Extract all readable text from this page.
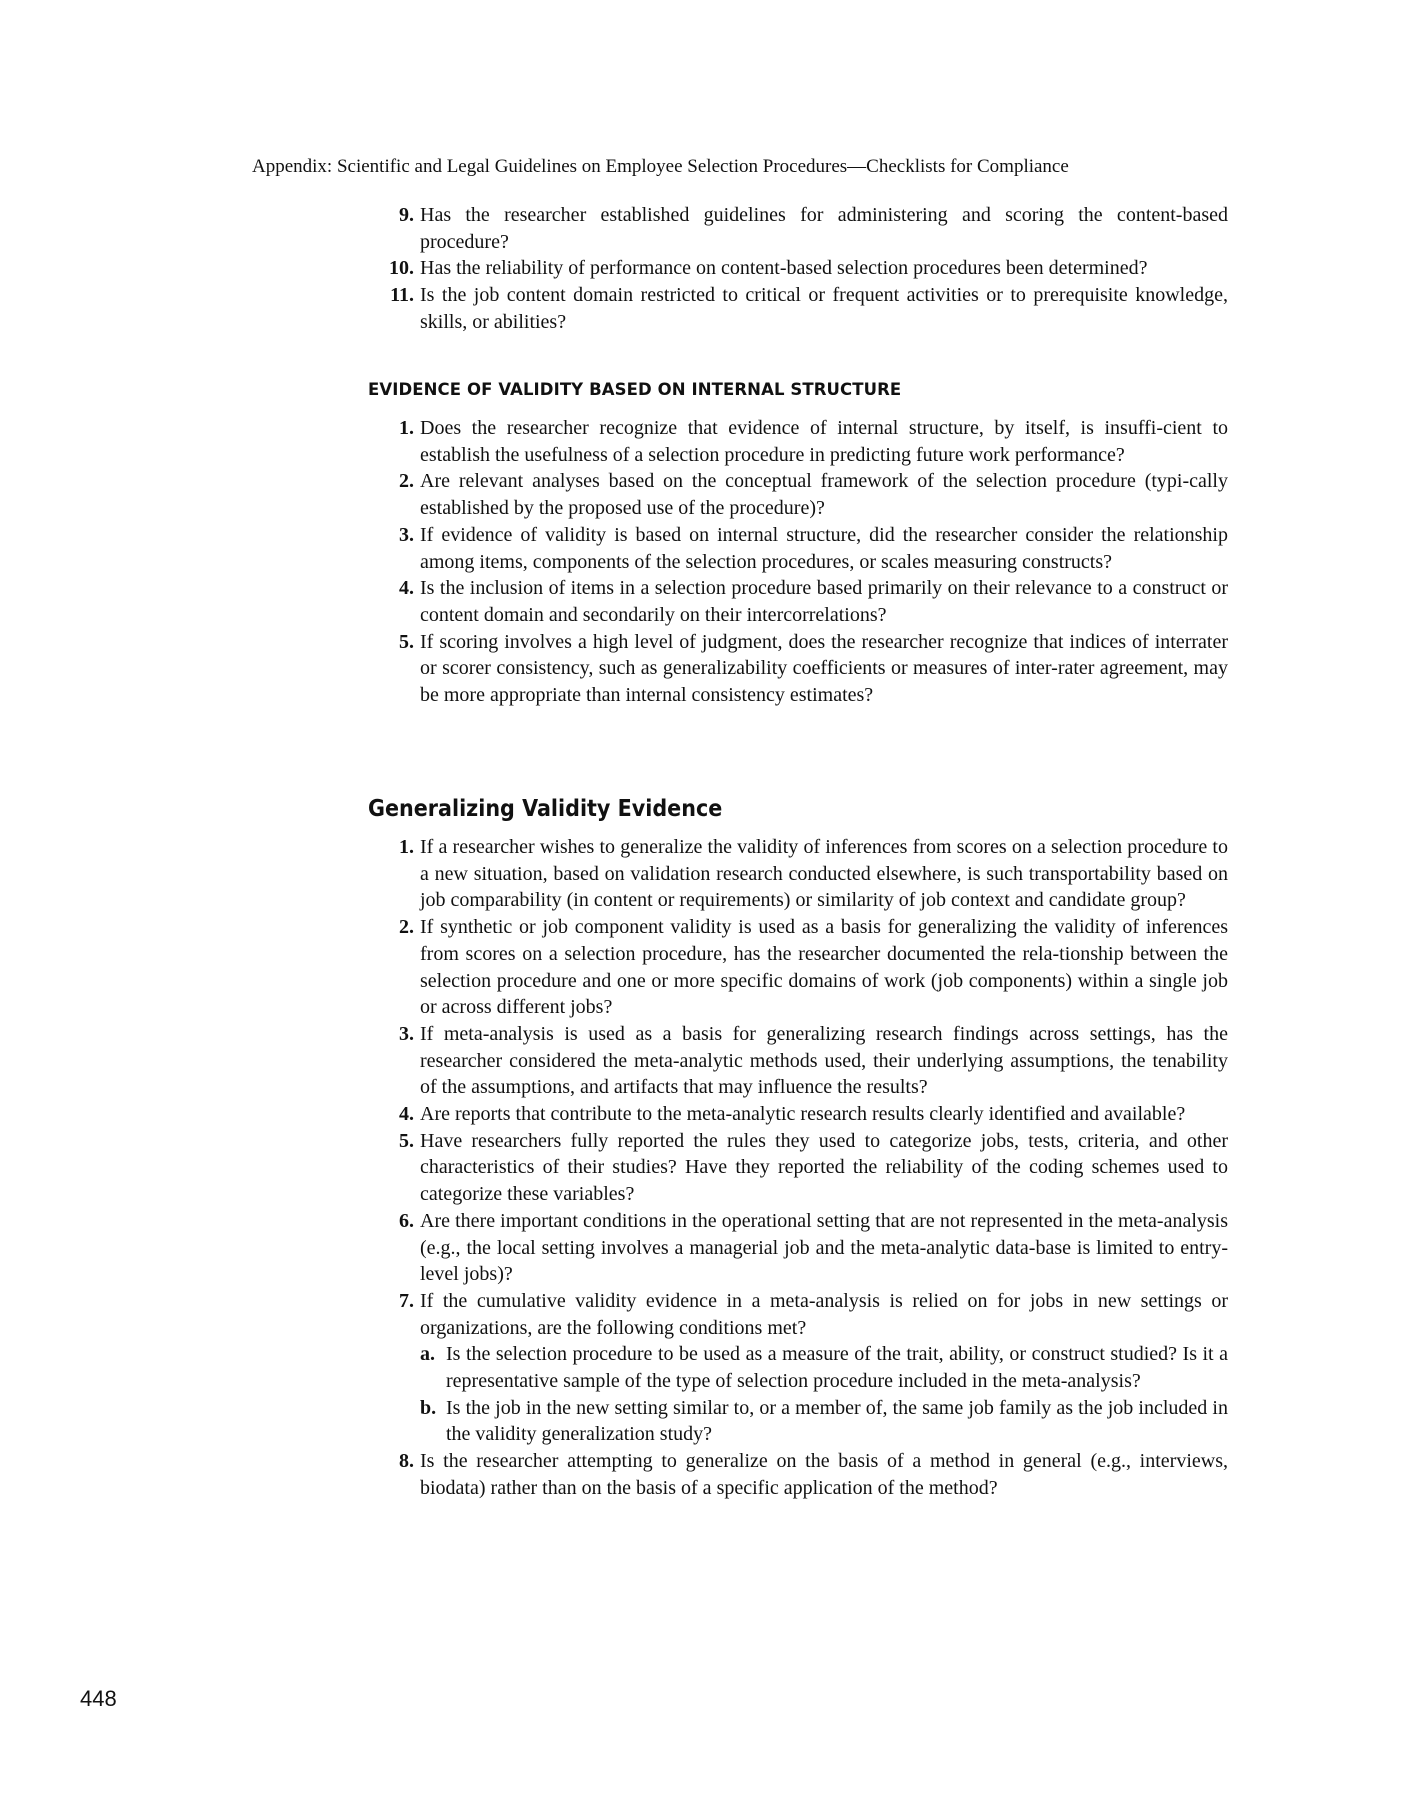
Appendix: Scientific and Legal Guidelines on Employee Selection Procedures—Checklists for Compliance
9. Has the researcher established guidelines for administering and scoring the content-based procedure?
10. Has the reliability of performance on content-based selection procedures been determined?
11. Is the job content domain restricted to critical or frequent activities or to prerequisite knowledge, skills, or abilities?
EVIDENCE OF VALIDITY BASED ON INTERNAL STRUCTURE
1. Does the researcher recognize that evidence of internal structure, by itself, is insuffi-cient to establish the usefulness of a selection procedure in predicting future work performance?
2. Are relevant analyses based on the conceptual framework of the selection procedure (typi-cally established by the proposed use of the procedure)?
3. If evidence of validity is based on internal structure, did the researcher consider the relationship among items, components of the selection procedures, or scales measuring constructs?
4. Is the inclusion of items in a selection procedure based primarily on their relevance to a construct or content domain and secondarily on their intercorrelations?
5. If scoring involves a high level of judgment, does the researcher recognize that indices of interrater or scorer consistency, such as generalizability coefficients or measures of inter-rater agreement, may be more appropriate than internal consistency estimates?
Generalizing Validity Evidence
1. If a researcher wishes to generalize the validity of inferences from scores on a selection procedure to a new situation, based on validation research conducted elsewhere, is such transportability based on job comparability (in content or requirements) or similarity of job context and candidate group?
2. If synthetic or job component validity is used as a basis for generalizing the validity of inferences from scores on a selection procedure, has the researcher documented the rela-tionship between the selection procedure and one or more specific domains of work (job components) within a single job or across different jobs?
3. If meta-analysis is used as a basis for generalizing research findings across settings, has the researcher considered the meta-analytic methods used, their underlying assumptions, the tenability of the assumptions, and artifacts that may influence the results?
4. Are reports that contribute to the meta-analytic research results clearly identified and available?
5. Have researchers fully reported the rules they used to categorize jobs, tests, criteria, and other characteristics of their studies? Have they reported the reliability of the coding schemes used to categorize these variables?
6. Are there important conditions in the operational setting that are not represented in the meta-analysis (e.g., the local setting involves a managerial job and the meta-analytic data-base is limited to entry-level jobs)?
7. If the cumulative validity evidence in a meta-analysis is relied on for jobs in new settings or organizations, are the following conditions met?
a. Is the selection procedure to be used as a measure of the trait, ability, or construct studied? Is it a representative sample of the type of selection procedure included in the meta-analysis?
b. Is the job in the new setting similar to, or a member of, the same job family as the job included in the validity generalization study?
8. Is the researcher attempting to generalize on the basis of a method in general (e.g., interviews, biodata) rather than on the basis of a specific application of the method?
448
